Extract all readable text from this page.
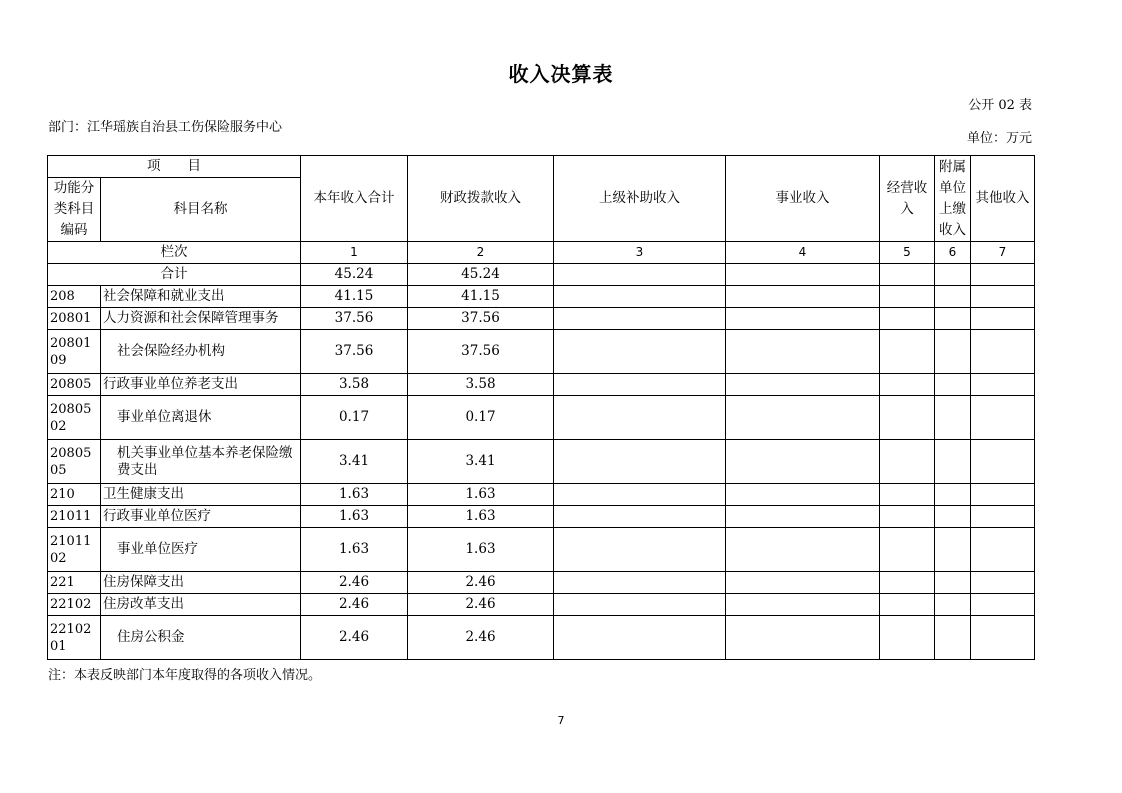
收入决算表
公开 02 表
部门：江华瑶族自治县工伤保险服务中心
单位：万元
项　　目		本年收入合计	财政拨款收入	上级补助收入	事业收入	经营收入	附属单位上缴收入	其他收入
功能分类科目编码	科目名称							
栏次		1	2	3	4	5	6	7
合计		45.24	45.24					
208	社会保障和就业支出	41.15	41.15					
20801	人力资源和社会保障管理事务	37.56	37.56					
2080109	社会保险经办机构	37.56	37.56					
20805	行政事业单位养老支出	3.58	3.58					
2080502	事业单位离退休	0.17	0.17					
2080505	机关事业单位基本养老保险缴费支出	3.41	3.41					
210	卫生健康支出	1.63	1.63					
21011	行政事业单位医疗	1.63	1.63					
2101102	事业单位医疗	1.63	1.63					
221	住房保障支出	2.46	2.46					
22102	住房改革支出	2.46	2.46					
2210201	住房公积金	2.46	2.46					
注：本表反映部门本年度取得的各项收入情况。
7
